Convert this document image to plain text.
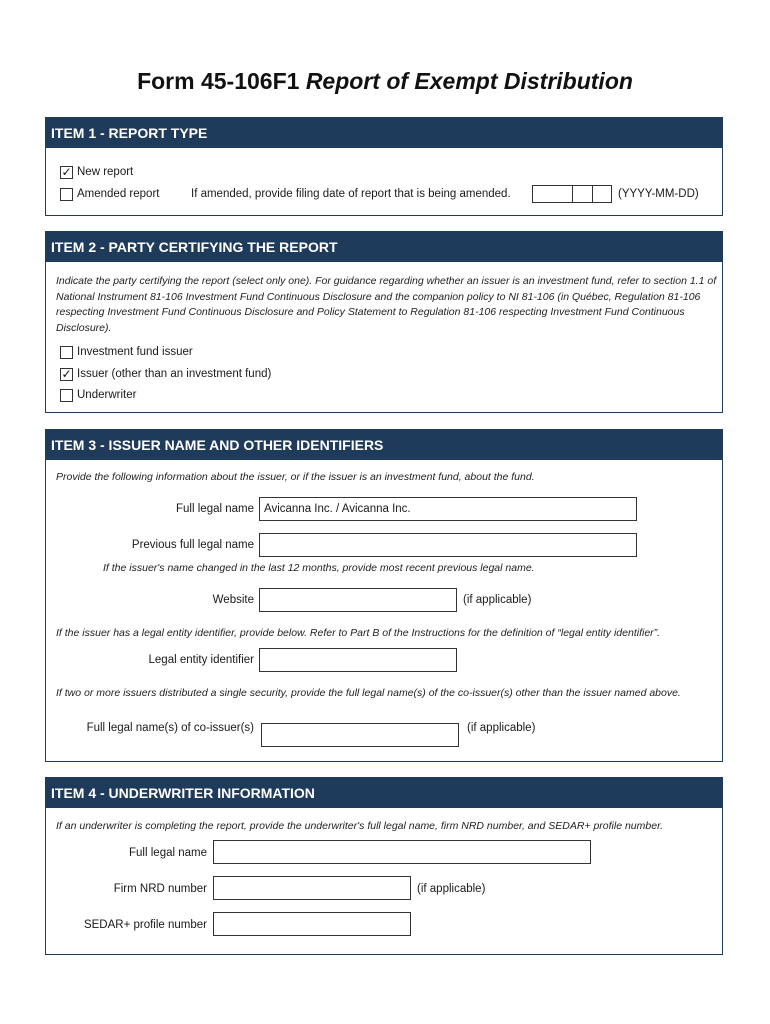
Form 45-106F1 Report of Exempt Distribution
ITEM 1 - REPORT TYPE
✓ New report
Amended report	If amended, provide filing date of report that is being amended.	(YYYY-MM-DD)
ITEM 2 - PARTY CERTIFYING THE REPORT
Indicate the party certifying the report (select only one). For guidance regarding whether an issuer is an investment fund, refer to section 1.1 of National Instrument 81-106 Investment Fund Continuous Disclosure and the companion policy to NI 81-106 (in Québec, Regulation 81-106 respecting Investment Fund Continuous Disclosure and Policy Statement to Regulation 81-106 respecting Investment Fund Continuous Disclosure).
Investment fund issuer
✓ Issuer (other than an investment fund)
Underwriter
ITEM 3 - ISSUER NAME AND OTHER IDENTIFIERS
Provide the following information about the issuer, or if the issuer is an investment fund, about the fund.
Full legal name Avicanna Inc. / Avicanna Inc.
Previous full legal name
If the issuer's name changed in the last 12 months, provide most recent previous legal name.
Website	(if applicable)
If the issuer has a legal entity identifier, provide below. Refer to Part B of the Instructions for the definition of “legal entity identifier”.
Legal entity identifier
If two or more issuers distributed a single security, provide the full legal name(s) of the co-issuer(s) other than the issuer named above.
Full legal name(s) of co-issuer(s)	(if applicable)
ITEM 4 - UNDERWRITER INFORMATION
If an underwriter is completing the report, provide the underwriter's full legal name, firm NRD number, and SEDAR+ profile number.
Full legal name
Firm NRD number	(if applicable)
SEDAR+ profile number
